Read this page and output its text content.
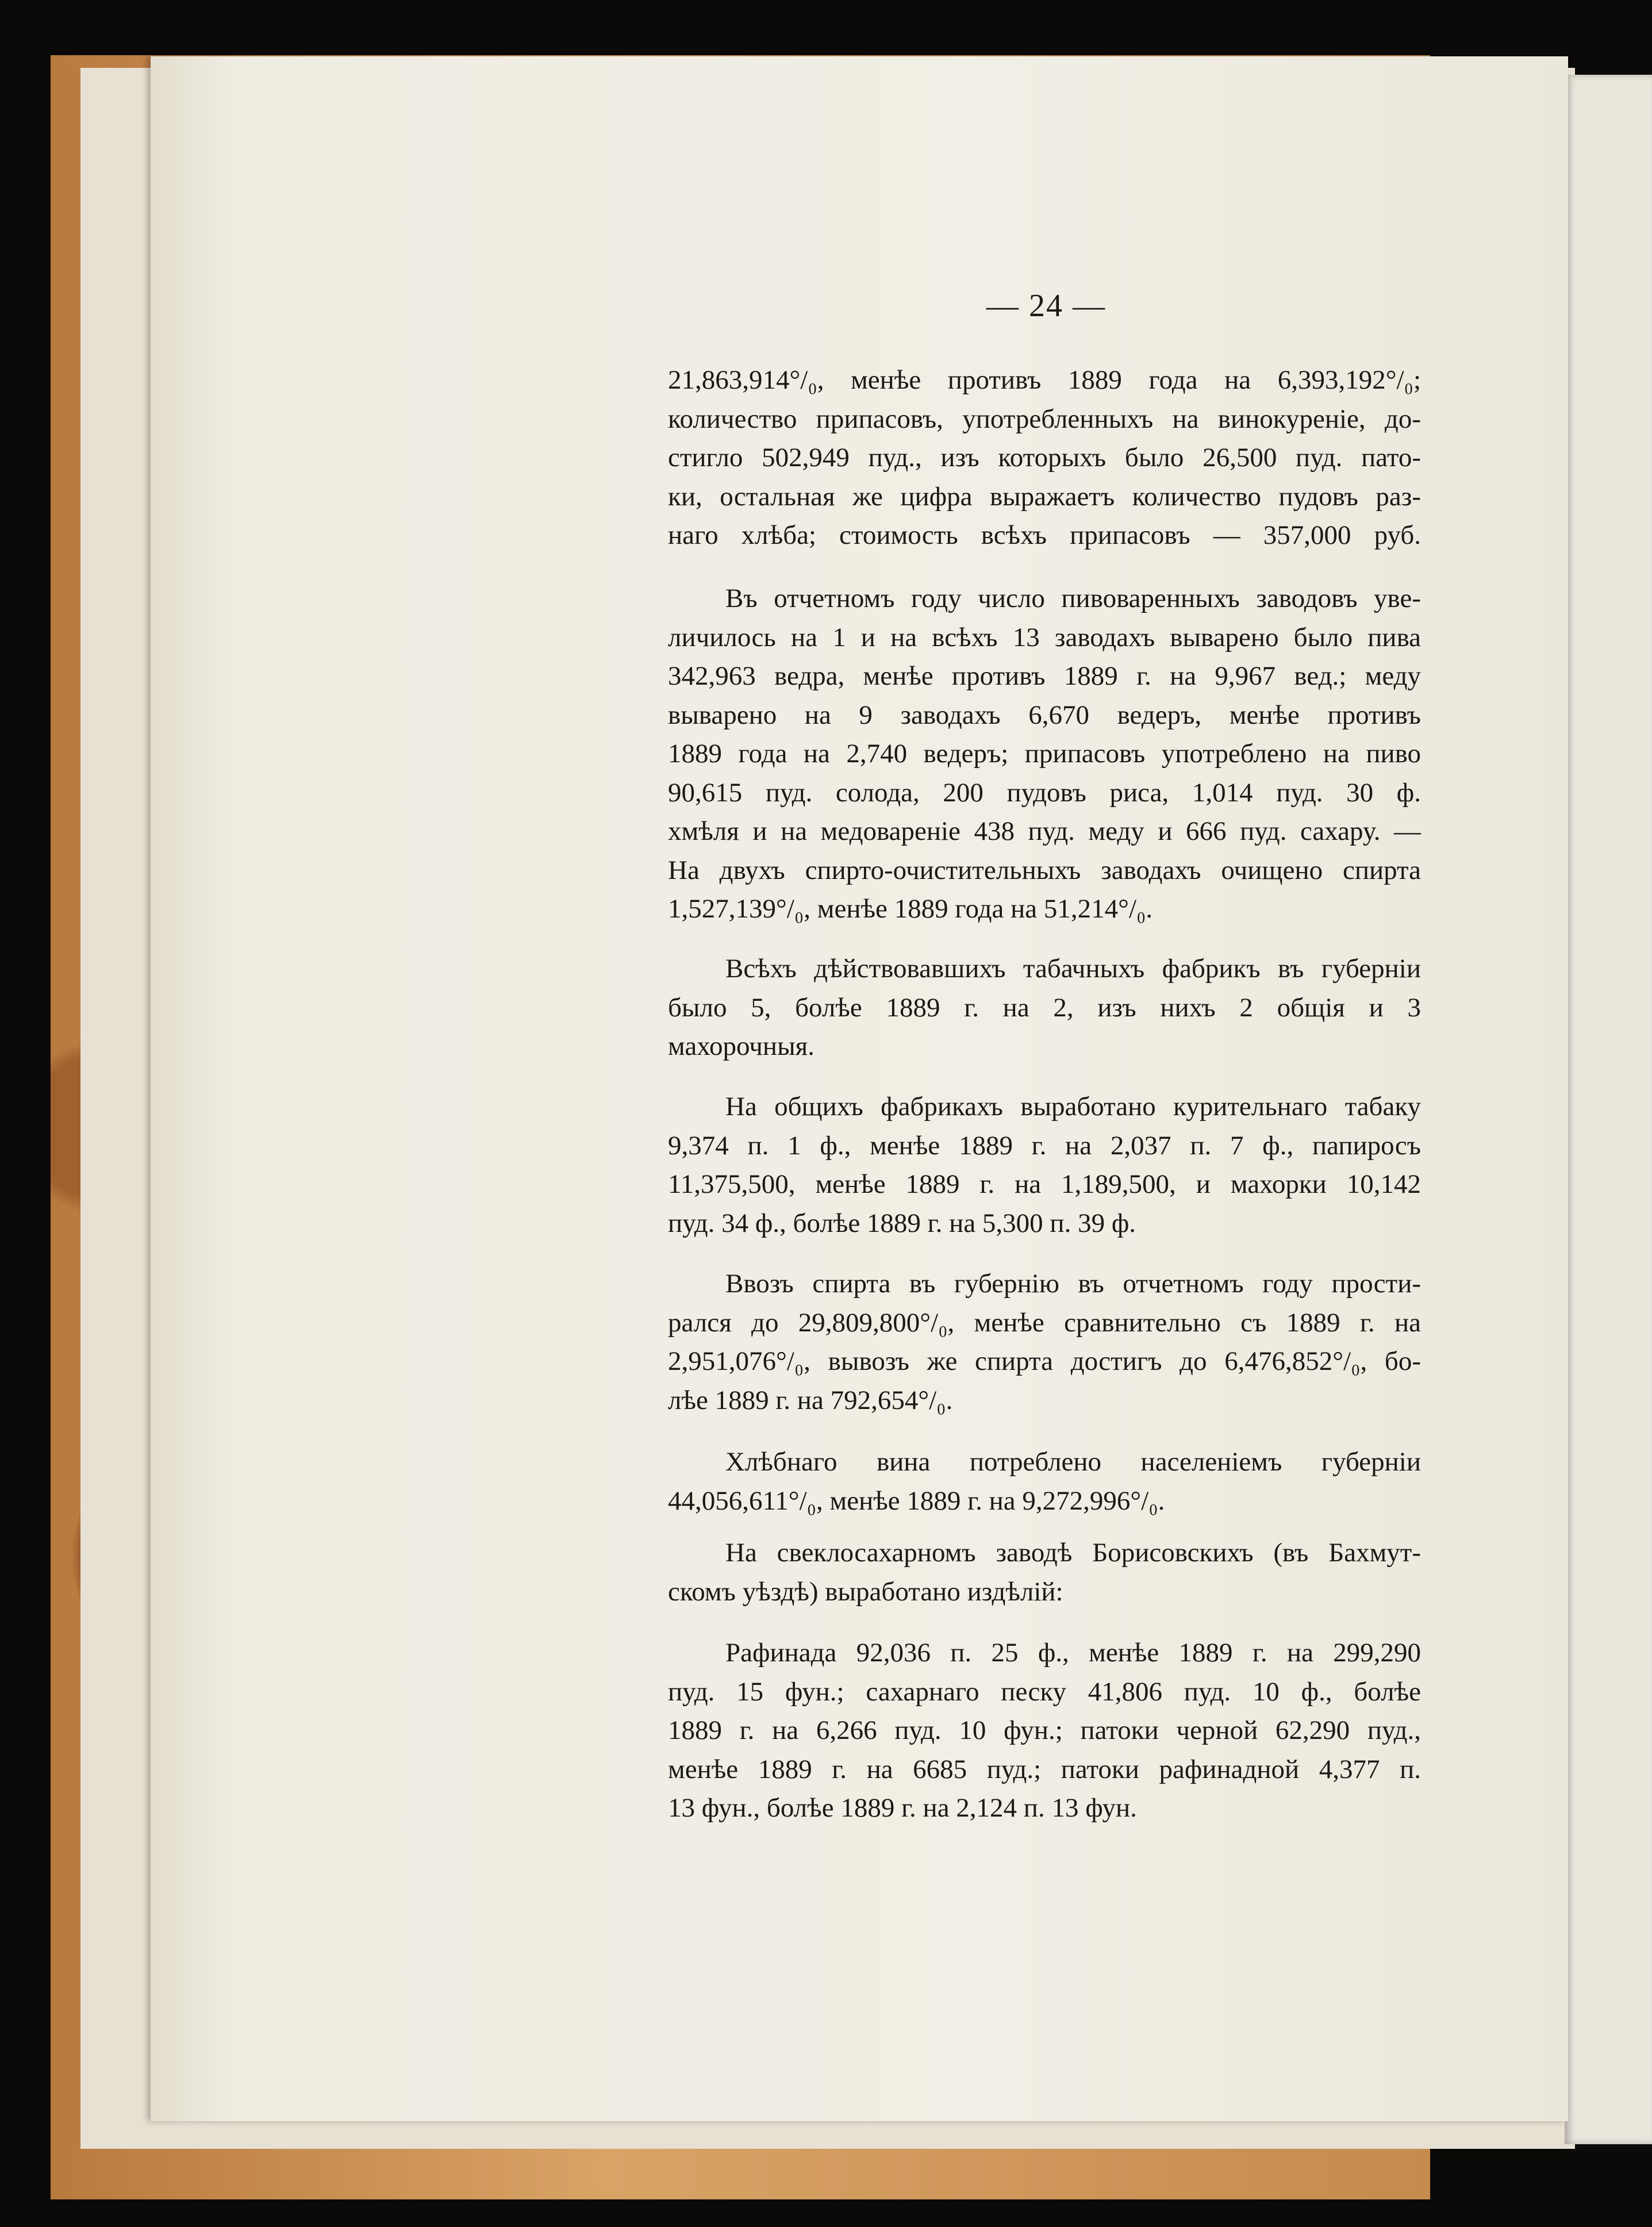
— 24 —
21,863,914°/₀, менѣе противъ 1889 года на 6,393,192°/₀;
количество припасовъ, употребленныхъ на винокуреніе, до-
стигло 502,949 пуд., изъ которыхъ было 26,500 пуд. пато-
ки, остальная же цифра выражаетъ количество пудовъ раз-
наго хлѣба; стоимость всѣхъ припасовъ — 357,000 руб.
Въ отчетномъ году число пивоваренныхъ заводовъ уве-
личилось на 1 и на всѣхъ 13 заводахъ выварено было пива
342,963 ведра, менѣе противъ 1889 г. на 9,967 вед.; меду
выварено на 9 заводахъ 6,670 ведеръ, менѣе противъ
1889 года на 2,740 ведеръ; припасовъ употреблено на пиво
90,615 пуд. солода, 200 пудовъ риса, 1,014 пуд. 30 ф.
хмѣля и на медовареніе 438 пуд. меду и 666 пуд. сахару. —
На двухъ спирто-очистительныхъ заводахъ очищено спирта
1,527,139°/₀, менѣе 1889 года на 51,214°/₀.
Всѣхъ дѣйствовавшихъ табачныхъ фабрикъ въ губерніи
было 5, болѣе 1889 г. на 2, изъ нихъ 2 общія и 3
махорочныя.
На общихъ фабрикахъ выработано курительнаго табаку
9,374 п. 1 ф., менѣе 1889 г. на 2,037 п. 7 ф., папиросъ
11,375,500, менѣе 1889 г. на 1,189,500, и махорки 10,142
пуд. 34 ф., болѣе 1889 г. на 5,300 п. 39 ф.
Ввозъ спирта въ губернію въ отчетномъ году прости-
рался до 29,809,800°/₀, менѣе сравнительно съ 1889 г. на
2,951,076°/₀, вывозъ же спирта достигъ до 6,476,852°/₀, бо-
лѣе 1889 г. на 792,654°/₀.
Хлѣбнаго вина потреблено населеніемъ губерніи
44,056,611°/₀, менѣе 1889 г. на 9,272,996°/₀.
На свеклосахарномъ заводѣ Борисовскихъ (въ Бахмут-
скомъ уѣздѣ) выработано издѣлій:
Рафинада 92,036 п. 25 ф., менѣе 1889 г. на 299,290
пуд. 15 фун.; сахарнаго песку 41,806 пуд. 10 ф., болѣе
1889 г. на 6,266 пуд. 10 фун.; патоки черной 62,290 пуд.,
менѣе 1889 г. на 6685 пуд.; патоки рафинадной 4,377 п.
13 фун., болѣе 1889 г. на 2,124 п. 13 фун.
